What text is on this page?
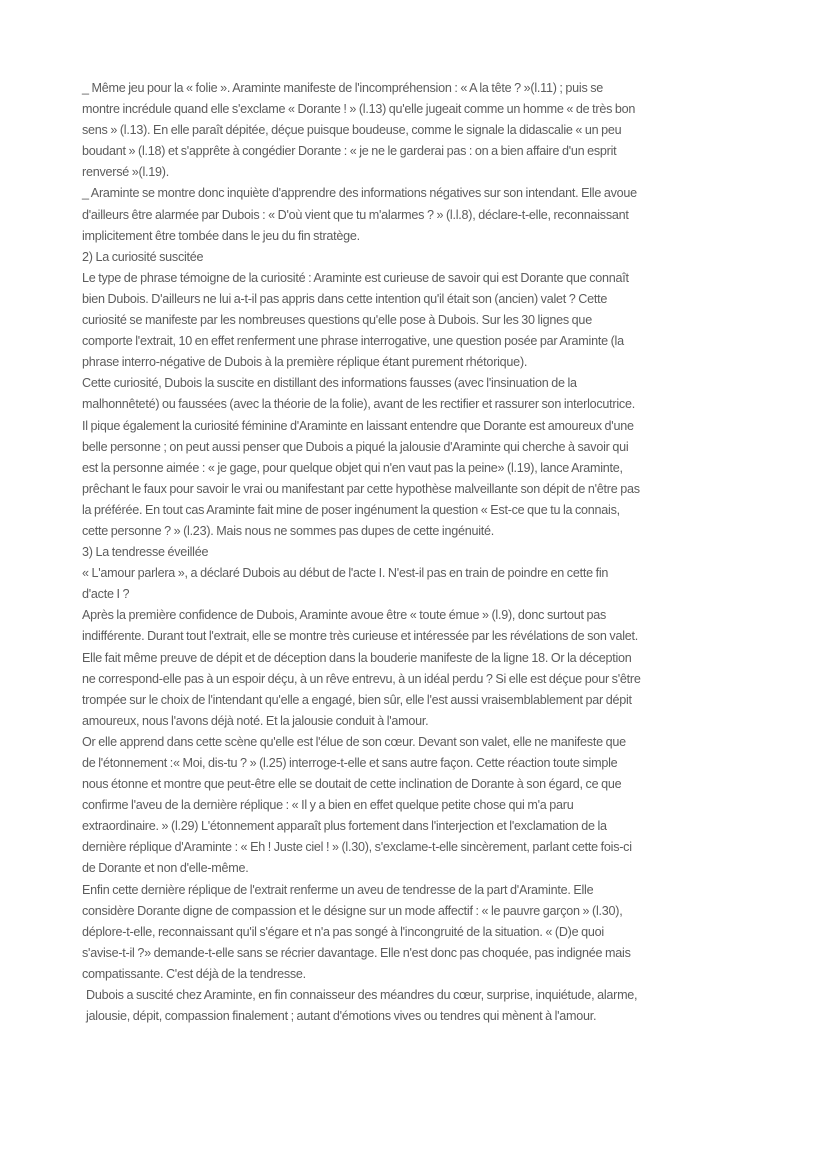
_ Même jeu pour la « folie ». Araminte manifeste de l'incompréhension : « A la tête ? »(l.11) ; puis se montre incrédule quand elle s'exclame « Dorante ! » (l.13) qu'elle jugeait comme un homme « de très bon sens » (l.13). En elle paraît dépitée, déçue puisque boudeuse, comme le signale la didascalie « un peu boudant » (l.18) et s'apprête à congédier Dorante : « je ne le garderai pas : on a bien affaire d'un esprit renversé »(l.19).

_ Araminte se montre donc inquiète d'apprendre des informations négatives sur son intendant. Elle avoue d'ailleurs être alarmée par Dubois : « D'où vient que tu m'alarmes ? » (l.l.8), déclare-t-elle, reconnaissant implicitement être tombée dans le jeu du fin stratège.

2) La curiosité suscitée

Le type de phrase témoigne de la curiosité : Araminte est curieuse de savoir qui est Dorante que connaît bien Dubois. D'ailleurs ne lui a-t-il pas appris dans cette intention qu'il était son (ancien) valet ? Cette curiosité se manifeste par les nombreuses questions qu'elle pose à Dubois. Sur les 30 lignes que comporte l'extrait, 10 en effet renferment une phrase interrogative, une question posée par Araminte (la phrase interro-négative de Dubois à la première réplique étant purement rhétorique).

Cette curiosité, Dubois la suscite en distillant des informations fausses (avec l'insinuation de la malhonnêteté) ou faussées (avec la théorie de la folie), avant de les rectifier et rassurer son interlocutrice.

Il pique également la curiosité féminine d'Araminte en laissant entendre que Dorante est amoureux d'une belle personne ; on peut aussi penser que Dubois a piqué la jalousie d'Araminte qui cherche à savoir qui est la personne aimée : « je gage, pour quelque objet qui n'en vaut pas la peine» (l.19), lance Araminte, prêchant le faux pour savoir le vrai ou manifestant par cette hypothèse malveillante son dépit de n'être pas la préférée. En tout cas Araminte fait mine de poser ingénument la question « Est-ce que tu la connais, cette personne ? » (l.23). Mais nous ne sommes pas dupes de cette ingénuité.

3) La tendresse éveillée

« L'amour parlera », a déclaré Dubois au début de l'acte I. N'est-il pas en train de poindre en cette fin d'acte I ?

Après la première confidence de Dubois, Araminte avoue être « toute émue » (l.9), donc surtout pas indifférente. Durant tout l'extrait, elle se montre très curieuse et intéressée par les révélations de son valet. Elle fait même preuve de dépit et de déception dans la bouderie manifeste de la ligne 18. Or la déception ne correspond-elle pas à un espoir déçu, à un rêve entrevu, à un idéal perdu ? Si elle est déçue pour s'être trompée sur le choix de l'intendant qu'elle a engagé, bien sûr, elle l'est aussi vraisemblablement par dépit amoureux, nous l'avons déjà noté. Et la jalousie conduit à l'amour.

Or elle apprend dans cette scène qu'elle est l'élue de son cœur. Devant son valet, elle ne manifeste que de l'étonnement :« Moi, dis-tu ? » (l.25) interroge-t-elle et sans autre façon. Cette réaction toute simple nous étonne et montre que peut-être elle se doutait de cette inclination de Dorante à son égard, ce que confirme l'aveu de la dernière réplique : « Il y a bien en effet quelque petite chose qui m'a paru extraordinaire. » (l.29) L'étonnement apparaît plus fortement dans l'interjection et l'exclamation de la dernière réplique d'Araminte : « Eh ! Juste ciel ! » (l.30), s'exclame-t-elle sincèrement, parlant cette fois-ci de Dorante et non d'elle-même.

Enfin cette dernière réplique de l'extrait renferme un aveu de tendresse de la part d'Araminte. Elle considère Dorante digne de compassion et le désigne sur un mode affectif : « le pauvre garçon » (l.30), déplore-t-elle, reconnaissant qu'il s'égare et n'a pas songé à l'incongruité de la situation. « (D)e quoi s'avise-t-il ?» demande-t-elle sans se récrier davantage. Elle n'est donc pas choquée, pas indignée mais compatissante. C'est déjà de la tendresse.

Dubois a suscité chez Araminte, en fin connaisseur des méandres du cœur, surprise, inquiétude, alarme, jalousie, dépit, compassion finalement ; autant d'émotions vives ou tendres qui mènent à l'amour.
